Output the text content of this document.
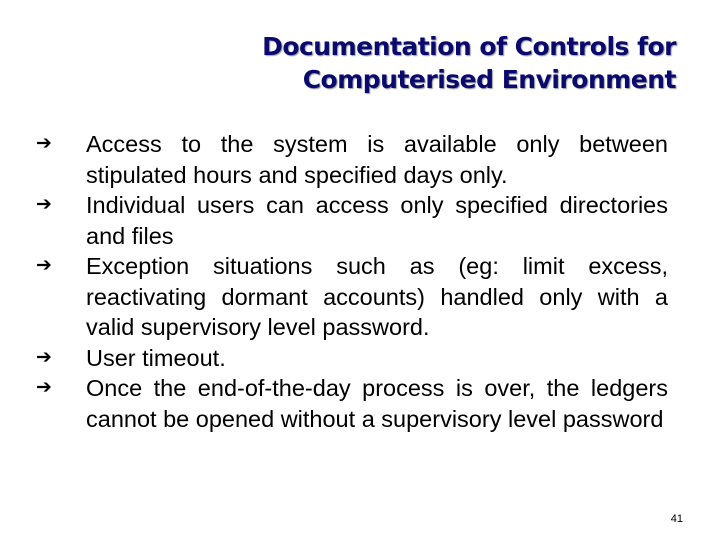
Documentation of Controls for
Computerised Environment
➔ Access to the system is available only between stipulated hours and specified days only.
➔ Individual users can access only specified directories and files
➔ Exception situations such as (eg: limit excess, reactivating dormant accounts) handled only with a valid supervisory level password.
➔ User timeout.
➔ Once the end-of-the-day process is over, the ledgers cannot be opened without a supervisory level password
41
